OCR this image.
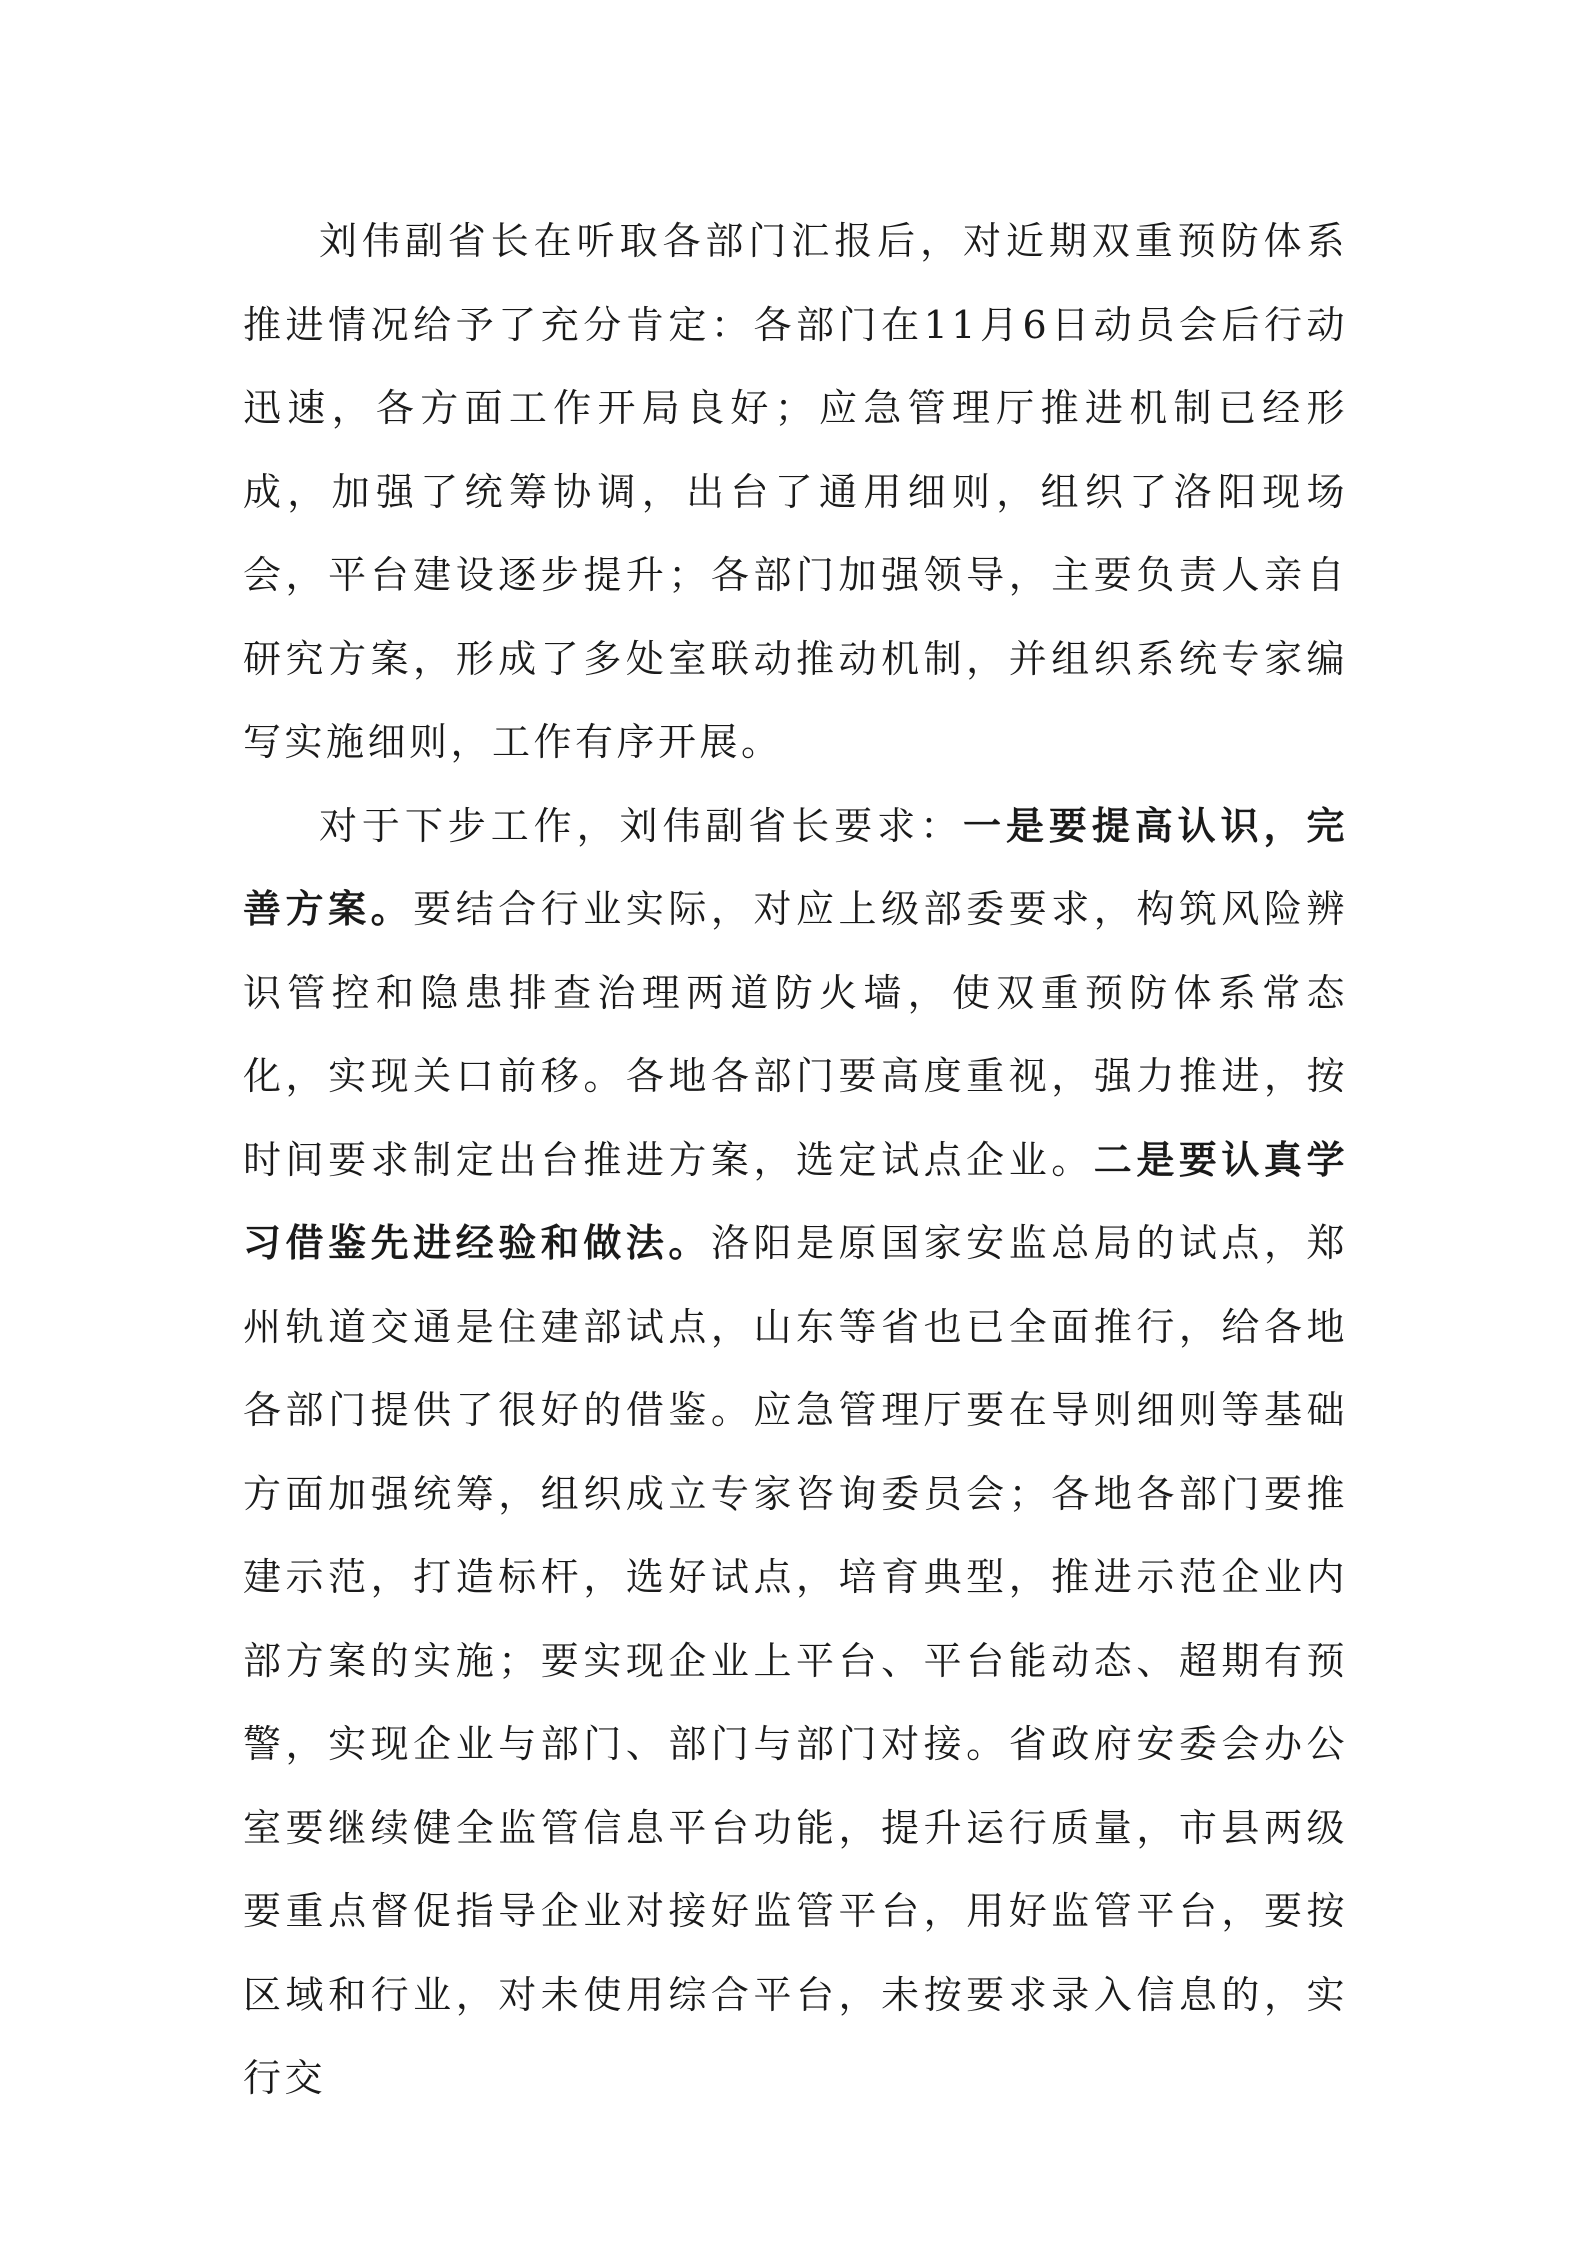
刘伟副省长在听取各部门汇报后，对近期双重预防体系推进情况给予了充分肯定：各部门在11月6日动员会后行动迅速，各方面工作开局良好；应急管理厅推进机制已经形成，加强了统筹协调，出台了通用细则，组织了洛阳现场会，平台建设逐步提升；各部门加强领导，主要负责人亲自研究方案，形成了多处室联动推动机制，并组织系统专家编写实施细则，工作有序开展。

对于下步工作，刘伟副省长要求：一是要提高认识，完善方案。要结合行业实际，对应上级部委要求，构筑风险辨识管控和隐患排查治理两道防火墙，使双重预防体系常态化，实现关口前移。各地各部门要高度重视，强力推进，按时间要求制定出台推进方案，选定试点企业。二是要认真学习借鉴先进经验和做法。洛阳是原国家安监总局的试点，郑州轨道交通是住建部试点，山东等省也已全面推行，给各地各部门提供了很好的借鉴。应急管理厅要在导则细则等基础方面加强统筹，组织成立专家咨询委员会；各地各部门要推建示范，打造标杆，选好试点，培育典型，推进示范企业内部方案的实施；要实现企业上平台、平台能动态、超期有预警，实现企业与部门、部门与部门对接。省政府安委会办公室要继续健全监管信息平台功能，提升运行质量，市县两级要重点督促指导企业对接好监管平台，用好监管平台，要按区域和行业，对未使用综合平台，未按要求录入信息的，实行交
